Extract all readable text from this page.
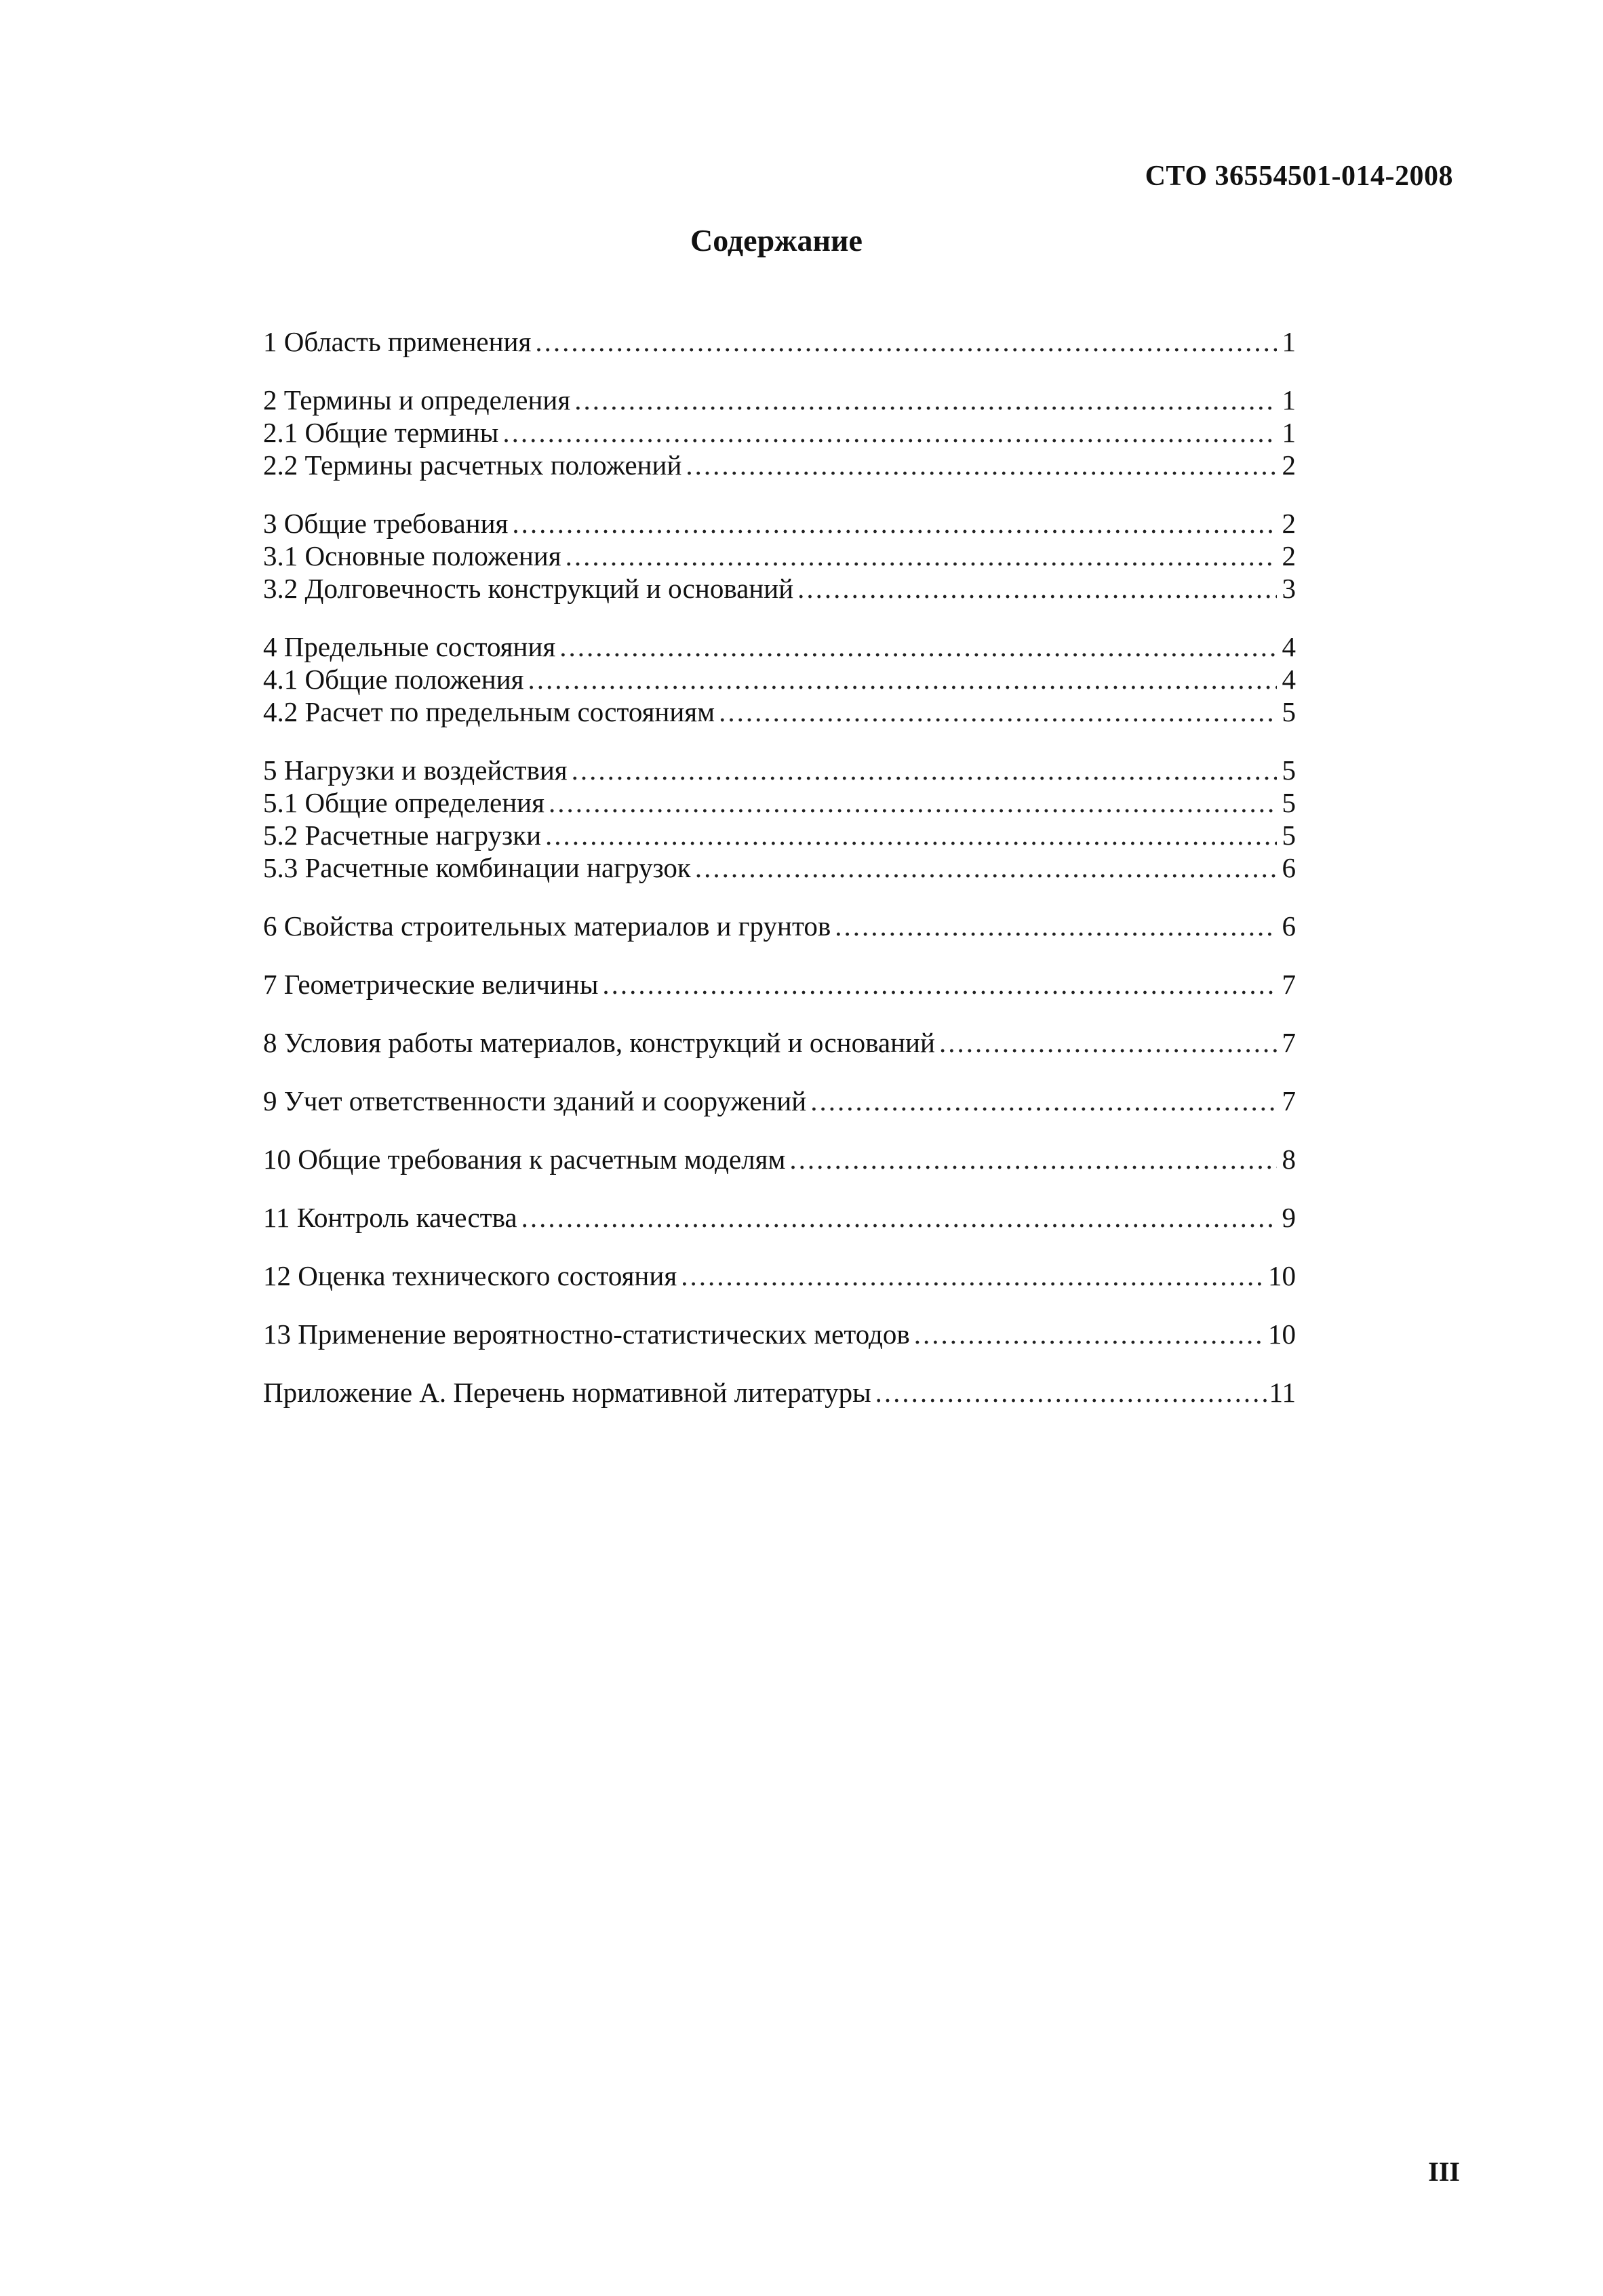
СТО 36554501-014-2008
Содержание
1 Область применения .....	1
2 Термины и определения .....	1
2.1 Общие термины .....	1
2.2 Термины расчетных положений .....	2
3 Общие требования .....	2
3.1 Основные положения .....	2
3.2 Долговечность конструкций и оснований .....	3
4 Предельные состояния .....	4
4.1 Общие положения .....	4
4.2 Расчет по предельным состояниям .....	5
5 Нагрузки и воздействия .....	5
5.1 Общие определения .....	5
5.2 Расчетные нагрузки .....	5
5.3 Расчетные комбинации нагрузок .....	6
6 Свойства строительных материалов и грунтов .....	6
7 Геометрические величины .....	7
8 Условия работы материалов, конструкций и оснований .....	7
9 Учет ответственности зданий и сооружений .....	7
10 Общие требования к расчетным моделям .....	8
11 Контроль качества .....	9
12 Оценка технического состояния .....	10
13 Применение вероятностно-статистических методов .....	10
Приложение А. Перечень нормативной литературы .....	11
III
